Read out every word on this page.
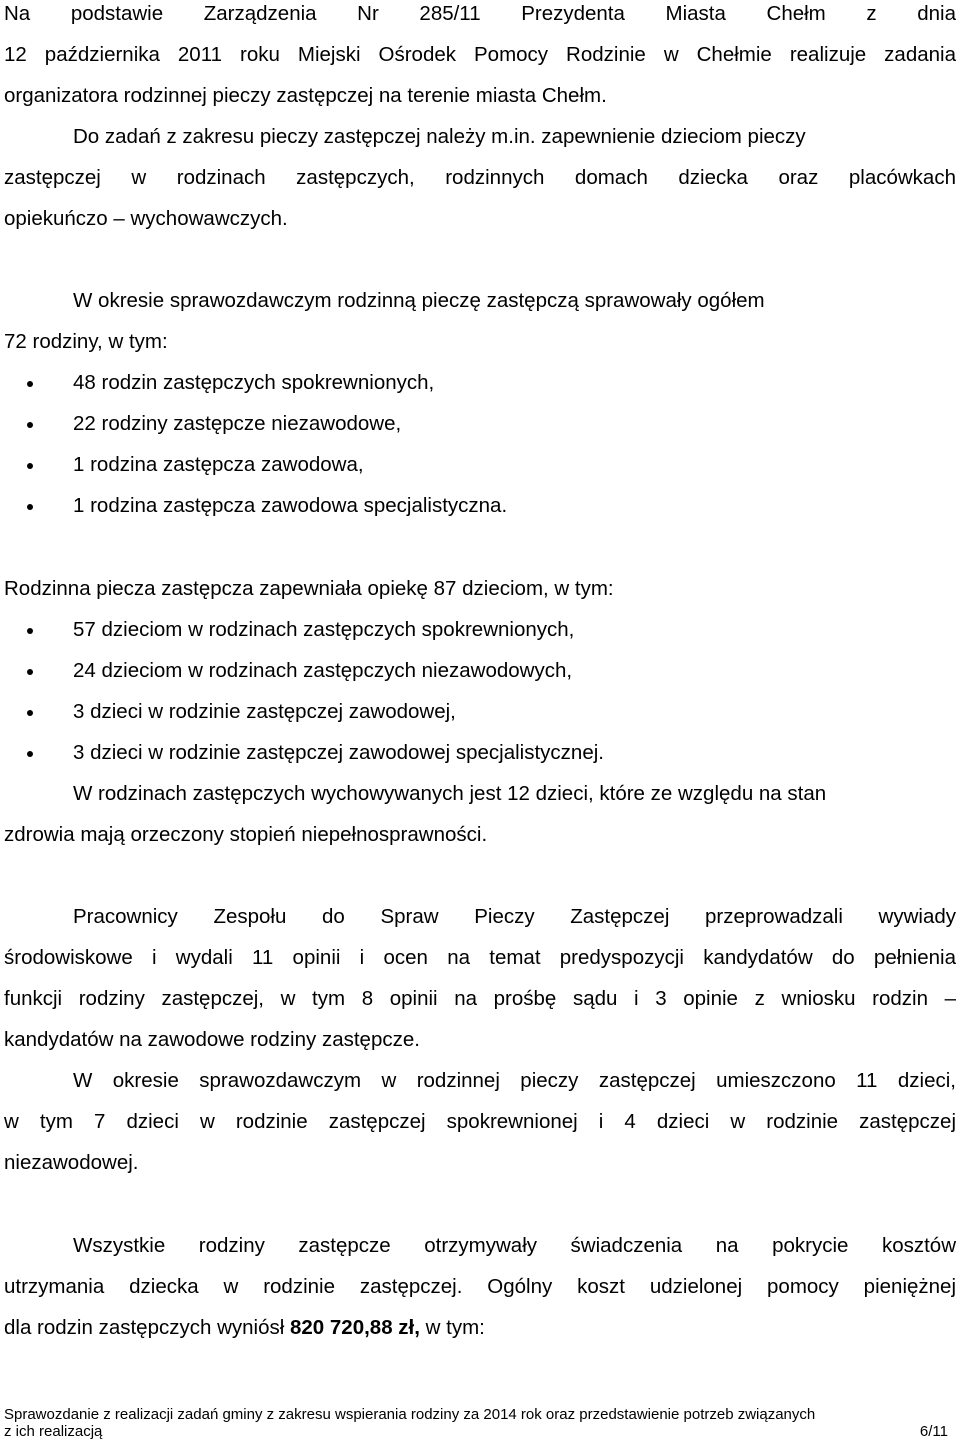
Na podstawie Zarządzenia Nr 285/11 Prezydenta Miasta Chełm z dnia
12 października 2011 roku Miejski Ośrodek Pomocy Rodzinie w Chełmie realizuje zadania
organizatora rodzinnej pieczy zastępczej na terenie miasta Chełm.
Do zadań z zakresu pieczy zastępczej należy m.in. zapewnienie dzieciom pieczy
zastępczej w rodzinach zastępczych, rodzinnych domach dziecka oraz placówkach
opiekuńczo – wychowawczych.
W okresie sprawozdawczym rodzinną pieczę zastępczą sprawowały ogółem
72 rodziny, w tym:
48 rodzin zastępczych spokrewnionych,
22 rodziny zastępcze niezawodowe,
1 rodzina zastępcza zawodowa,
1 rodzina zastępcza zawodowa specjalistyczna.
Rodzinna piecza zastępcza zapewniała opiekę 87 dzieciom, w tym:
57 dzieciom w rodzinach zastępczych spokrewnionych,
24 dzieciom w rodzinach zastępczych niezawodowych,
3 dzieci w rodzinie zastępczej zawodowej,
3 dzieci w rodzinie zastępczej zawodowej specjalistycznej.
W rodzinach zastępczych wychowywanych jest 12 dzieci, które ze względu na stan
zdrowia mają orzeczony stopień niepełnosprawności.
Pracownicy Zespołu do Spraw Pieczy Zastępczej przeprowadzali wywiady
środowiskowe i wydali 11 opinii i ocen na temat predyspozycji kandydatów do pełnienia
funkcji rodziny zastępczej, w tym 8 opinii na prośbę sądu i 3 opinie z wniosku rodzin –
kandydatów na zawodowe rodziny zastępcze.
W okresie sprawozdawczym w rodzinnej pieczy zastępczej umieszczono 11 dzieci,
w tym 7 dzieci w rodzinie zastępczej spokrewnionej i 4 dzieci w rodzinie zastępczej
niezawodowej.
Wszystkie rodziny zastępcze otrzymywały świadczenia na pokrycie kosztów
utrzymania dziecka w rodzinie zastępczej. Ogólny koszt udzielonej pomocy pieniężnej
dla rodzin zastępczych wyniósł 820 720,88 zł, w tym:
Sprawozdanie z realizacji zadań gminy z zakresu wspierania rodziny za 2014 rok oraz przedstawienie potrzeb związanych
z ich realizacją	6/11
